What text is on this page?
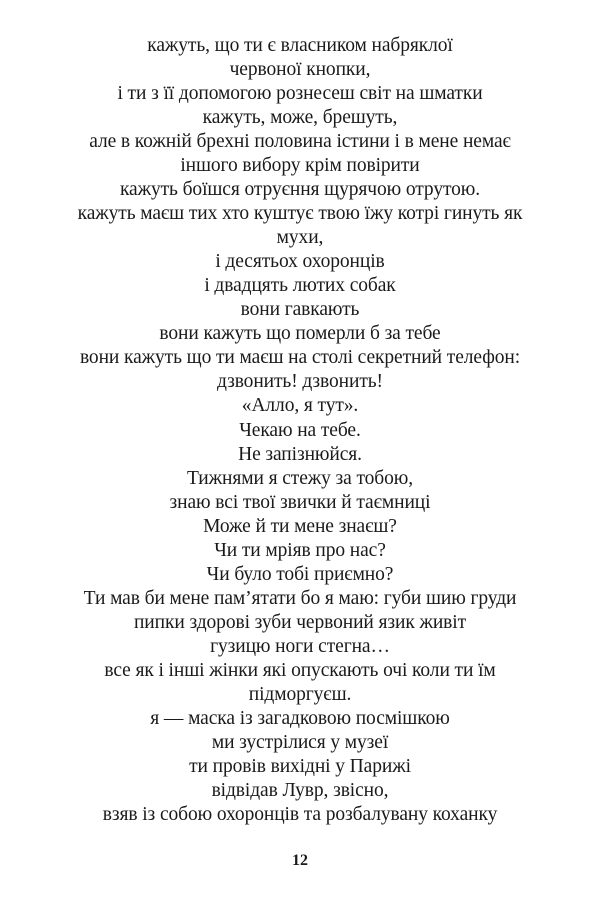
кажуть, що ти є власником набряклої
червоної кнопки,
і ти з її допомогою рознесеш світ на шматки
кажуть, може, брешуть,
але в кожній брехні половина істини і в мене немає
іншого вибору крім повірити
кажуть боїшся отруєння щурячою отрутою.
кажуть маєш тих хто куштує твою їжу котрі гинуть як
мухи,
і десятьох охоронців
і двадцять лютих собак
вони гавкають
вони кажуть що померли б за тебе
вони кажуть що ти маєш на столі секретний телефон:
дзвонить! дзвонить!
«Алло, я тут».
Чекаю на тебе.
Не запізнюйся.
Тижнями я стежу за тобою,
знаю всі твої звички й таємниці
Може й ти мене знаєш?
Чи ти мріяв про нас?
Чи було тобі приємно?
Ти мав би мене пам’ятати бо я маю: губи шию груди
пипки здорові зуби червоний язик живіт
гузицю ноги стегна…
все як і інші жінки які опускають очі коли ти їм
підморгуєш.
я — маска із загадковою посмішкою
ми зустрілися у музеї
ти провів вихідні у Парижі
відвідав Лувр, звісно,
взяв із собою охоронців та розбалувану коханку
12
